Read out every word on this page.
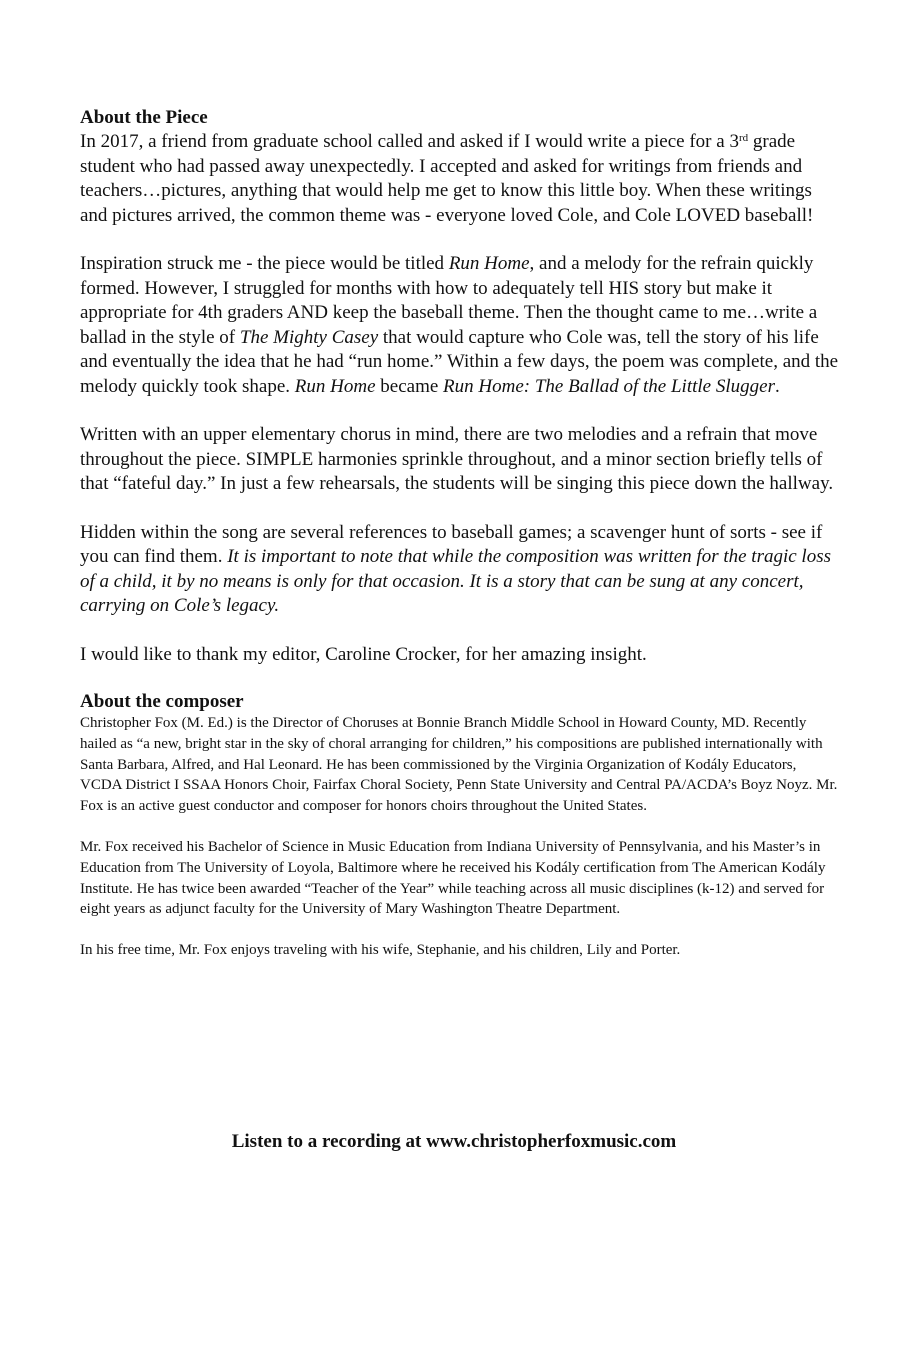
About the Piece

In 2017, a friend from graduate school called and asked if I would write a piece for a 3rd grade student who had passed away unexpectedly. I accepted and asked for writings from friends and teachers…pictures, anything that would help me get to know this little boy. When these writings and pictures arrived, the common theme was - everyone loved Cole, and Cole LOVED baseball!

Inspiration struck me - the piece would be titled Run Home, and a melody for the refrain quickly formed. However, I struggled for months with how to adequately tell HIS story but make it appropriate for 4th graders AND keep the baseball theme. Then the thought came to me…write a ballad in the style of The Mighty Casey that would capture who Cole was, tell the story of his life and eventually the idea that he had “run home.” Within a few days, the poem was complete, and the melody quickly took shape. Run Home became Run Home: The Ballad of the Little Slugger.

Written with an upper elementary chorus in mind, there are two melodies and a refrain that move throughout the piece. SIMPLE harmonies sprinkle throughout, and a minor section briefly tells of that “fateful day.” In just a few rehearsals, the students will be singing this piece down the hallway.

Hidden within the song are several references to baseball games; a scavenger hunt of sorts - see if you can find them. It is important to note that while the composition was written for the tragic loss of a child, it by no means is only for that occasion. It is a story that can be sung at any concert, carrying on Cole’s legacy.

I would like to thank my editor, Caroline Crocker, for her amazing insight.

About the composer

Christopher Fox (M. Ed.) is the Director of Choruses at Bonnie Branch Middle School in Howard County, MD. Recently hailed as “a new, bright star in the sky of choral arranging for children,” his compositions are published internationally with Santa Barbara, Alfred, and Hal Leonard. He has been commissioned by the Virginia Organization of Kodály Educators, VCDA District I SSAA Honors Choir, Fairfax Choral Society, Penn State University and Central PA/ACDA’s Boyz Noyz. Mr. Fox is an active guest conductor and composer for honors choirs throughout the United States.

Mr. Fox received his Bachelor of Science in Music Education from Indiana University of Pennsylvania, and his Master’s in Education from The University of Loyola, Baltimore where he received his Kodály certification from The American Kodály Institute. He has twice been awarded “Teacher of the Year” while teaching across all music disciplines (k-12) and served for eight years as adjunct faculty for the University of Mary Washington Theatre Department.

In his free time, Mr. Fox enjoys traveling with his wife, Stephanie, and his children, Lily and Porter.

Listen to a recording at www.christopherfoxmusic.com
